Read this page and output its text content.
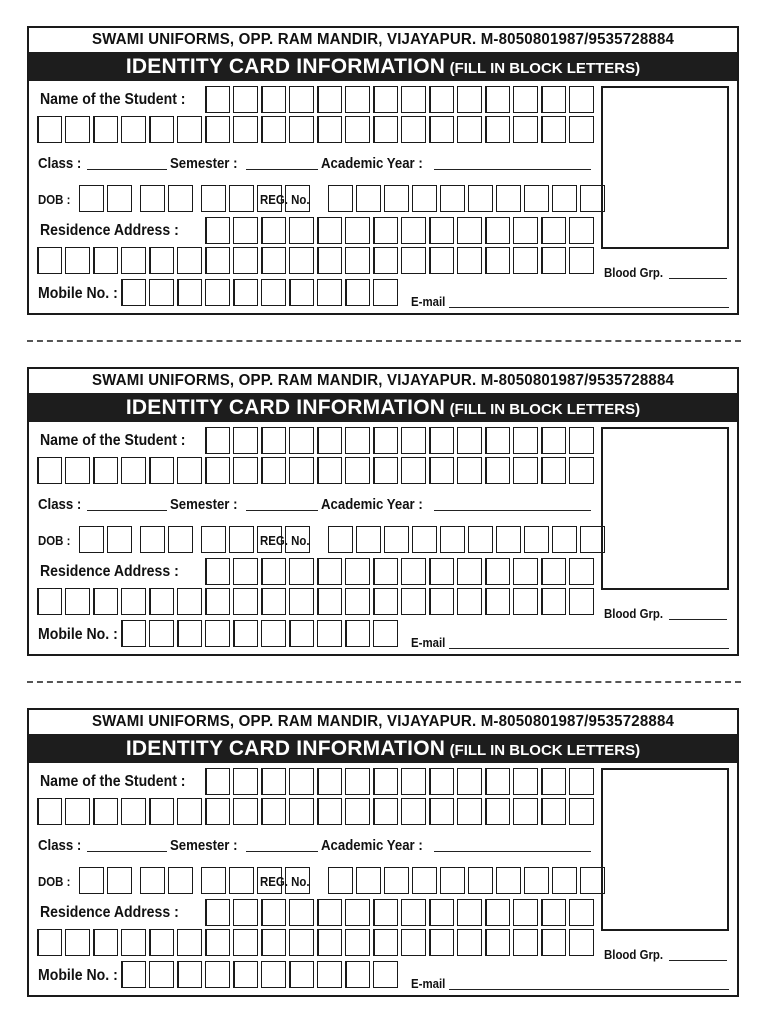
SWAMI UNIFORMS, OPP. RAM MANDIR, VIJAYAPUR. M-8050801987/9535728884
IDENTITY CARD INFORMATION (FILL IN BLOCK LETTERS)
Name of the Student :
Class :	Semester :	Academic Year :
DOB :	REG. No.
Residence Address :
Blood Grp.
Mobile No. :	E-mail
SWAMI UNIFORMS, OPP. RAM MANDIR, VIJAYAPUR. M-8050801987/9535728884
IDENTITY CARD INFORMATION (FILL IN BLOCK LETTERS)
Name of the Student :
Class :	Semester :	Academic Year :
DOB :	REG. No.
Residence Address :
Blood Grp.
Mobile No. :	E-mail
SWAMI UNIFORMS, OPP. RAM MANDIR, VIJAYAPUR. M-8050801987/9535728884
IDENTITY CARD INFORMATION (FILL IN BLOCK LETTERS)
Name of the Student :
Class :	Semester :	Academic Year :
DOB :	REG. No.
Residence Address :
Blood Grp.
Mobile No. :	E-mail
